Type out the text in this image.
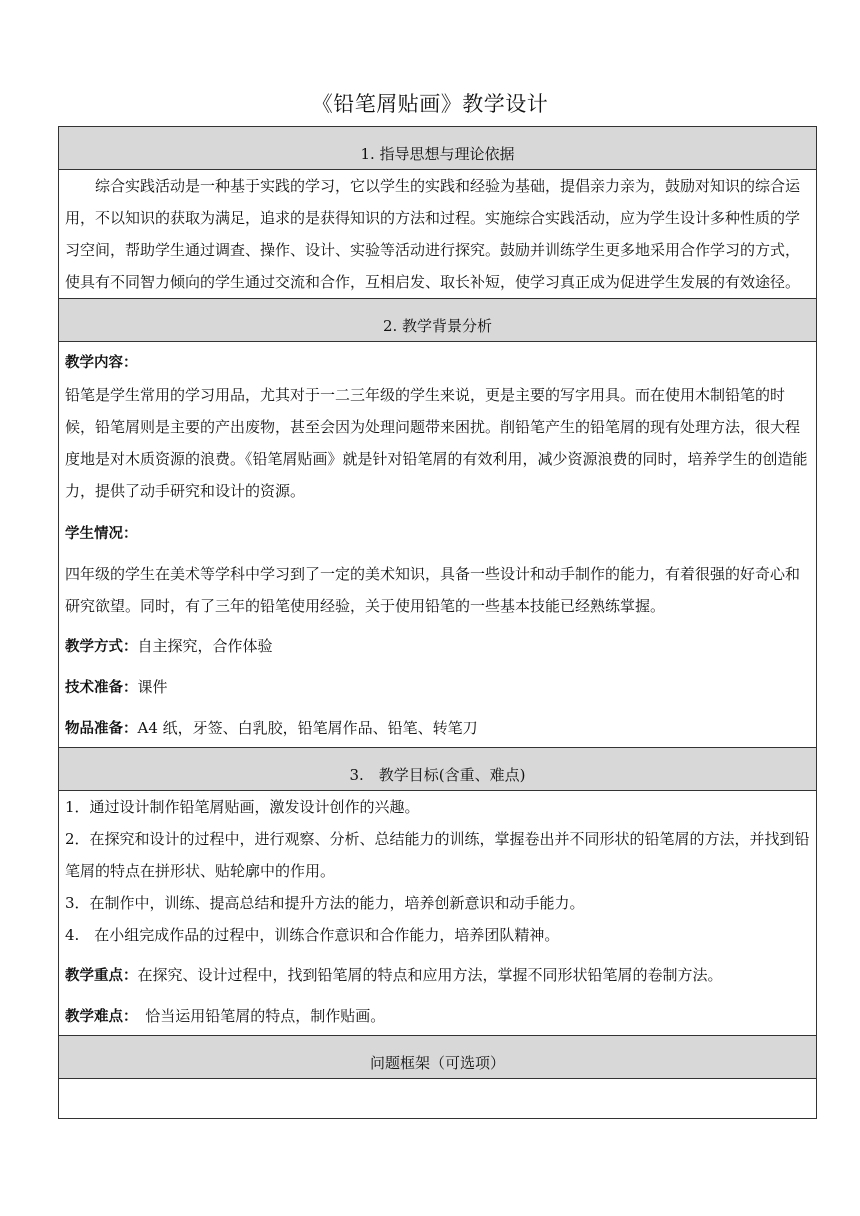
《铅笔屑贴画》教学设计
1. 指导思想与理论依据

综合实践活动是一种基于实践的学习，它以学生的实践和经验为基础，提倡亲力亲为，鼓励对知识的综合运用，不以知识的获取为满足，追求的是获得知识的方法和过程。实施综合实践活动，应为学生设计多种性质的学习空间，帮助学生通过调查、操作、设计、实验等活动进行探究。鼓励并训练学生更多地采用合作学习的方式，使具有不同智力倾向的学生通过交流和合作，互相启发、取长补短，使学习真正成为促进学生发展的有效途径。

2. 教学背景分析

教学内容：

铅笔是学生常用的学习用品，尤其对于一二三年级的学生来说，更是主要的写字用具。而在使用木制铅笔的时候，铅笔屑则是主要的产出废物，甚至会因为处理问题带来困扰。削铅笔产生的铅笔屑的现有处理方法，很大程度地是对木质资源的浪费。《铅笔屑贴画》就是针对铅笔屑的有效利用，减少资源浪费的同时，培养学生的创造能力，提供了动手研究和设计的资源。

学生情况：

四年级的学生在美术等学科中学习到了一定的美术知识，具备一些设计和动手制作的能力，有着很强的好奇心和研究欲望。同时，有了三年的铅笔使用经验，关于使用铅笔的一些基本技能已经熟练掌握。

教学方式：自主探究，合作体验

技术准备：课件

物品准备：A4 纸，牙签、白乳胶，铅笔屑作品、铅笔、转笔刀

3.　教学目标(含重、难点)

1．通过设计制作铅笔屑贴画，激发设计创作的兴趣。

2．在探究和设计的过程中，进行观察、分析、总结能力的训练，掌握卷出并不同形状的铅笔屑的方法，并找到铅笔屑的特点在拼形状、贴轮廓中的作用。

3．在制作中，训练、提高总结和提升方法的能力，培养创新意识和动手能力。

4.　在小组完成作品的过程中，训练合作意识和合作能力，培养团队精神。

教学重点：在探究、设计过程中，找到铅笔屑的特点和应用方法，掌握不同形状铅笔屑的卷制方法。

教学难点：　恰当运用铅笔屑的特点，制作贴画。

问题框架（可选项）
